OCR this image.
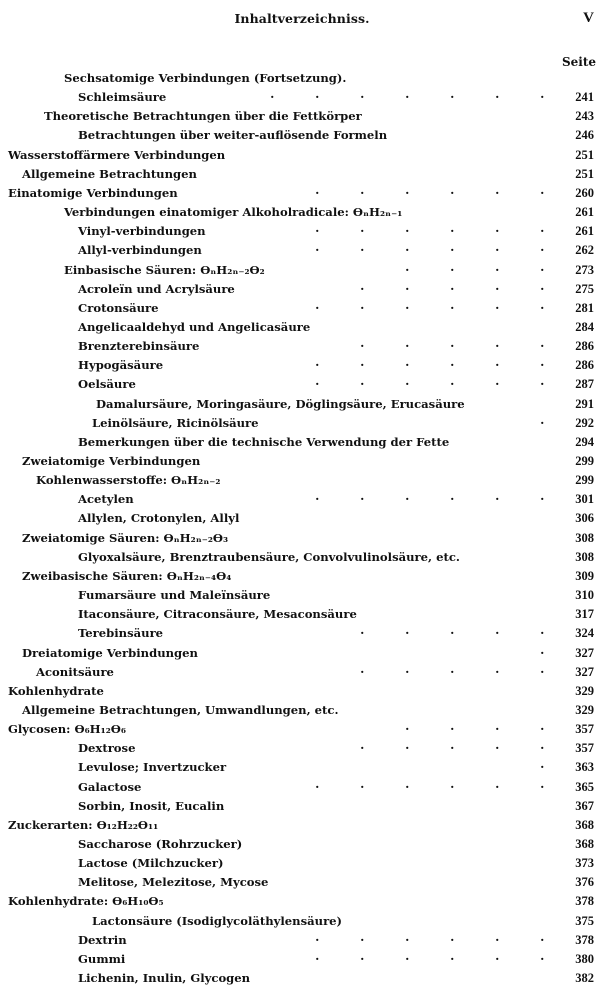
Inhaltverzeichniss.	V
Seite
Sechsatomige Verbindungen (Fortsetzung).
Schleimsäure	. . . . . . .	241
Theoretische Betrachtungen über die Fettkörper	243
Betrachtungen über weiter-auflösende Formeln	246
Wasserstoffärmere Verbindungen	251
Allgemeine Betrachtungen	251
Einatomige Verbindungen	. . . . . .	260
Verbindungen einatomiger Alkoholradicale: ϴₙH₂ₙ₋₁	261
Vinyl-verbindungen	. . . . . .	261
Allyl-verbindungen	. . . . . .	262
Einbasische Säuren: ϴₙH₂ₙ₋₂ϴ₂	. . . .	273
Acroleïn und Acrylsäure	. . . . .	275
Crotonsäure	. . . . . .	281
Angelicaaldehyd und Angelicasäure	284
Brenzterebinsäure	. . . . .	286
Hypogäsäure	. . . . . .	286
Oelsäure	. . . . . .	287
Damalursäure, Moringasäure, Döglingsäure, Erucasäure	291
Leinölsäure, Ricinölsäure	.	292
Bemerkungen über die technische Verwendung der Fette	294
Zweiatomige Verbindungen	299
Kohlenwasserstoffe: ϴₙH₂ₙ₋₂	299
Acetylen	. . . . . .	301
Allylen, Crotonylen, Allyl	306
Zweiatomige Säuren: ϴₙH₂ₙ₋₂ϴ₃	308
Glyoxalsäure, Brenztraubensäure, Convolvulinolsäure, etc.	308
Zweibasische Säuren: ϴₙH₂ₙ₋₄ϴ₄	309
Fumarsäure und Maleïnsäure	310
Itaconsäure, Citraconsäure, Mesaconsäure	317
Terebinsäure	. . . . .	324
Dreiatomige Verbindungen	.	327
Aconitsäure	. . . . .	327
Kohlenhydrate	329
Allgemeine Betrachtungen, Umwandlungen, etc.	329
Glycosen: ϴ₆H₁₂ϴ₆	. . . .	357
Dextrose	. . . . .	357
Levulose; Invertzucker	.	363
Galactose	. . . . . .	365
Sorbin, Inosit, Eucalin	367
Zuckerarten: ϴ₁₂H₂₂ϴ₁₁	368
Saccharose (Rohrzucker)	368
Lactose (Milchzucker)	373
Melitose, Melezitose, Mycose	376
Kohlenhydrate: ϴ₆H₁₀ϴ₅	378
Lactonsäure (Isodiglycoläthylensäure)	375
Dextrin	. . . . . .	378
Gummi	. . . . . .	380
Lichenin, Inulin, Glycogen	382
